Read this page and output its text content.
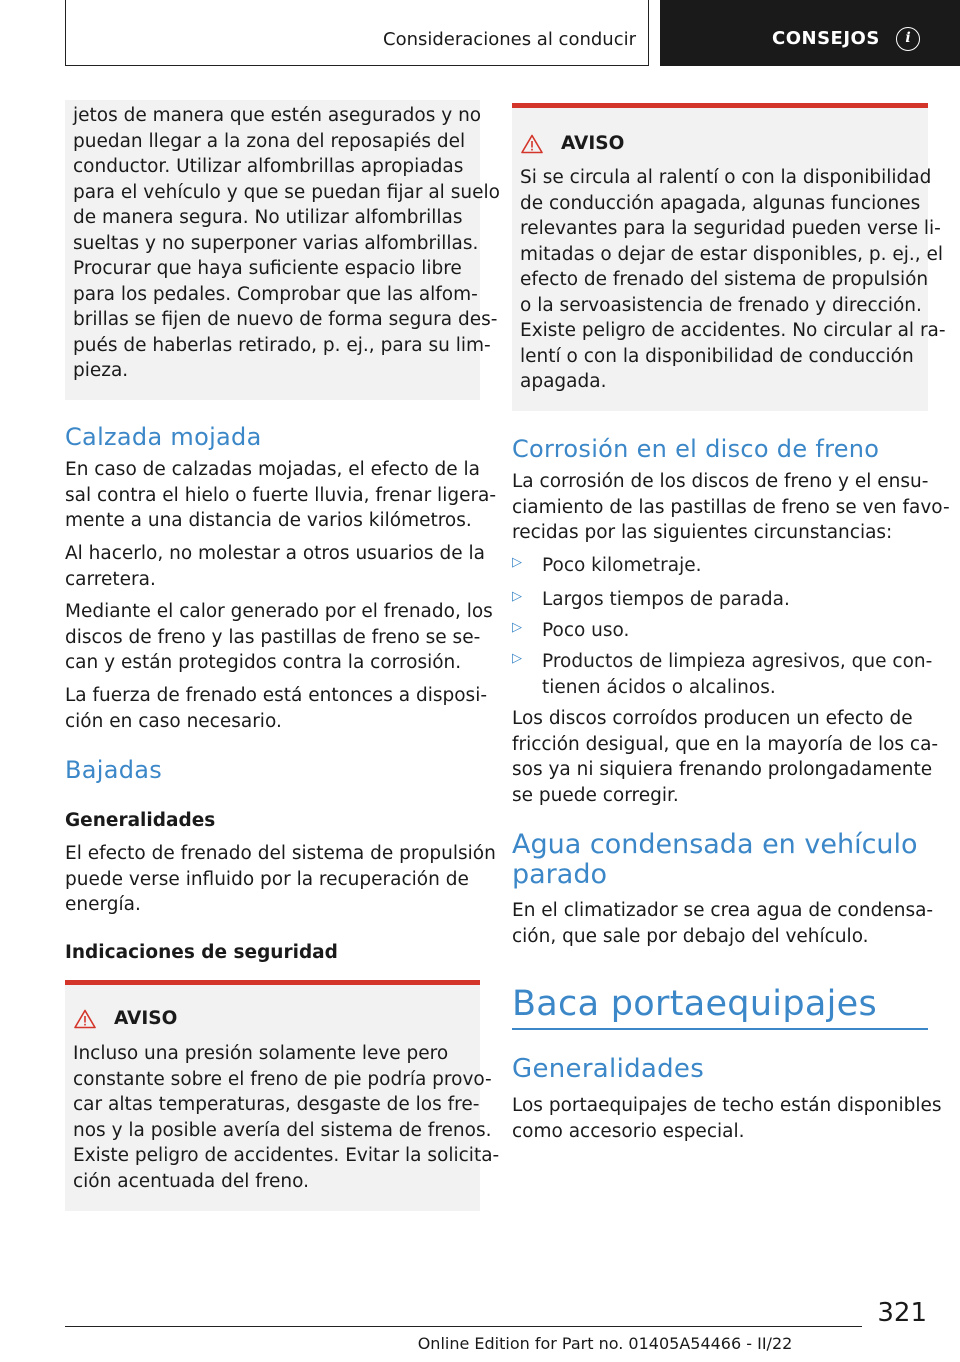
Consideraciones al conducir	CONSEJOS	i
jetos de manera que estén asegurados y no
puedan llegar a la zona del reposapiés del
conductor. Utilizar alfombrillas apropiadas
para el vehículo y que se puedan fijar al suelo
de manera segura. No utilizar alfombrillas
sueltas y no superponer varias alfombrillas.
Procurar que haya suficiente espacio libre
para los pedales. Comprobar que las alfom-
brillas se fijen de nuevo de forma segura des-
pués de haberlas retirado, p. ej., para su lim-
pieza.
Calzada mojada
En caso de calzadas mojadas, el efecto de la
sal contra el hielo o fuerte lluvia, frenar ligera-
mente a una distancia de varios kilómetros.
Al hacerlo, no molestar a otros usuarios de la
carretera.
Mediante el calor generado por el frenado, los
discos de freno y las pastillas de freno se se-
can y están protegidos contra la corrosión.
La fuerza de frenado está entonces a disposi-
ción en caso necesario.
Bajadas
Generalidades
El efecto de frenado del sistema de propulsión
puede verse influido por la recuperación de
energía.
Indicaciones de seguridad
AVISO
Incluso una presión solamente leve pero
constante sobre el freno de pie podría provo-
car altas temperaturas, desgaste de los fre-
nos y la posible avería del sistema de frenos.
Existe peligro de accidentes. Evitar la solicita-
ción acentuada del freno.
AVISO
Si se circula al ralentí o con la disponibilidad
de conducción apagada, algunas funciones
relevantes para la seguridad pueden verse li-
mitadas o dejar de estar disponibles, p. ej., el
efecto de frenado del sistema de propulsión
o la servoasistencia de frenado y dirección.
Existe peligro de accidentes. No circular al ra-
lentí o con la disponibilidad de conducción
apagada.
Corrosión en el disco de freno
La corrosión de los discos de freno y el ensu-
ciamiento de las pastillas de freno se ven favo-
recidas por las siguientes circunstancias:
▷ Poco kilometraje.
▷ Largos tiempos de parada.
▷ Poco uso.
▷ Productos de limpieza agresivos, que con-
tienen ácidos o alcalinos.
Los discos corroídos producen un efecto de
fricción desigual, que en la mayoría de los ca-
sos ya ni siquiera frenando prolongadamente
se puede corregir.
Agua condensada en vehículo
parado
En el climatizador se crea agua de condensa-
ción, que sale por debajo del vehículo.
Baca portaequipajes
Generalidades
Los portaequipajes de techo están disponibles
como accesorio especial.
321
Online Edition for Part no. 01405A54466 - II/22
